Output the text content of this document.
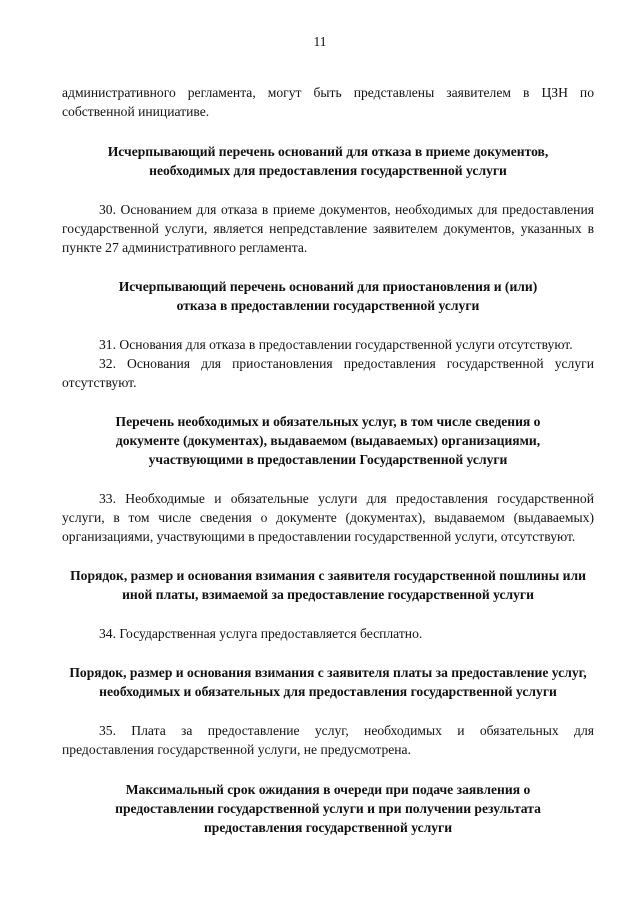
11

административного регламента, могут быть представлены заявителем в ЦЗН по собственной инициативе.

Исчерпывающий перечень оснований для отказа в приеме документов, необходимых для предоставления государственной услуги

30. Основанием для отказа в приеме документов, необходимых для предоставления государственной услуги, является непредставление заявителем документов, указанных в пункте 27 административного регламента.

Исчерпывающий перечень оснований для приостановления и (или) отказа в предоставлении государственной услуги

31. Основания для отказа в предоставлении государственной услуги отсутствуют.

32. Основания для приостановления предоставления государственной услуги отсутствуют.

Перечень необходимых и обязательных услуг, в том числе сведения о документе (документах), выдаваемом (выдаваемых) организациями, участвующими в предоставлении Государственной услуги

33. Необходимые и обязательные услуги для предоставления государственной услуги, в том числе сведения о документе (документах), выдаваемом (выдаваемых) организациями, участвующими в предоставлении государственной услуги, отсутствуют.

Порядок, размер и основания взимания с заявителя государственной пошлины или иной платы, взимаемой за предоставление государственной услуги

34. Государственная услуга предоставляется бесплатно.

Порядок, размер и основания взимания с заявителя платы за предоставление услуг, необходимых и обязательных для предоставления государственной услуги

35. Плата за предоставление услуг, необходимых и обязательных для предоставления государственной услуги, не предусмотрена.

Максимальный срок ожидания в очереди при подаче заявления о предоставлении государственной услуги и при получении результата предоставления государственной услуги
